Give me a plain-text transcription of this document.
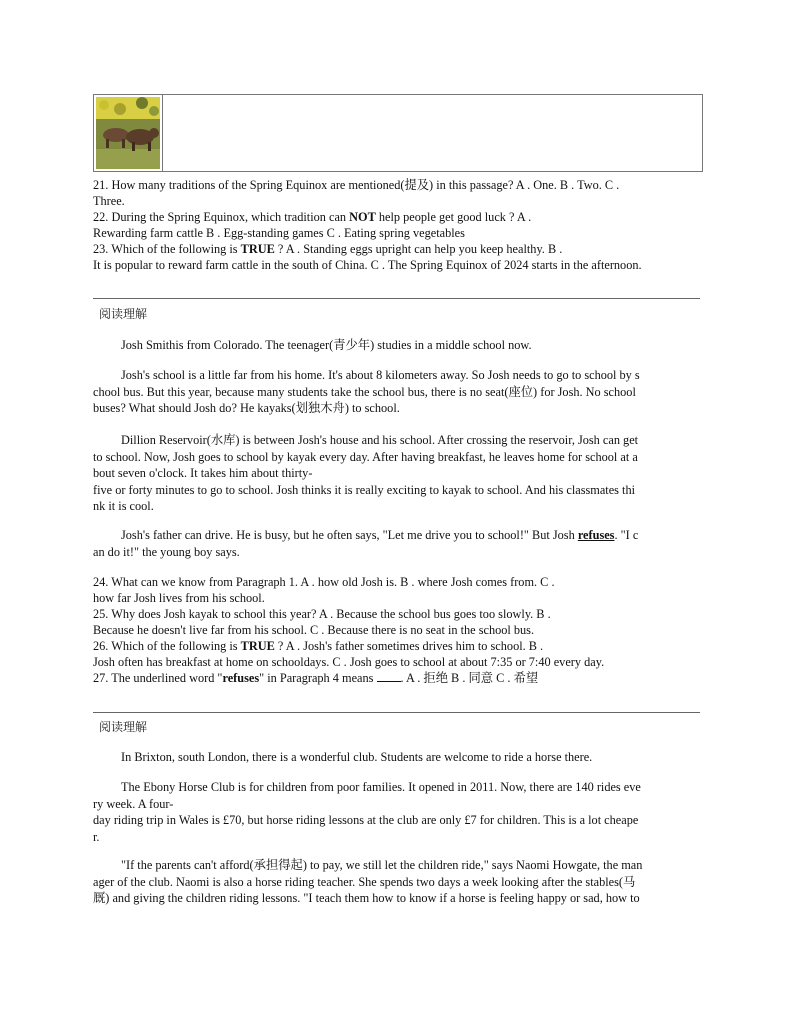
21. How many traditions of the Spring Equinox are mentioned(提及) in this passage? A . One. B . Two. C .
Three.
22. During the Spring Equinox, which tradition can NOT help people get good luck ? A .
Rewarding farm cattle B . Egg-standing games C . Eating spring vegetables
23. Which of the following is TRUE ? A . Standing eggs upright can help you keep healthy. B .
It is popular to reward farm cattle in the south of China. C . The Spring Equinox of 2024 starts in the afternoon.
阅读理解
Josh Smithis from Colorado. The teenager(青少年) studies in a middle school now.
Josh's school is a little far from his home. It's about 8 kilometers away. So Josh needs to go to school by s
chool bus. But this year, because many students take the school bus, there is no seat(座位) for Josh. No school
buses? What should Josh do? He kayaks(划独木舟) to school.
Dillion Reservoir(水库) is between Josh's house and his school. After crossing the reservoir, Josh can get
to school. Now, Josh goes to school by kayak every day. After having breakfast, he leaves home for school at a
bout seven o'clock. It takes him about thirty-
five or forty minutes to go to school. Josh thinks it is really exciting to kayak to school. And his classmates thi
nk it is cool.
Josh's father can drive. He is busy, but he often says, "Let me drive you to school!" But Josh refuses. "I c
an do it!" the young boy says.
24. What can we know from Paragraph 1. A . how old Josh is. B . where Josh comes from. C .
how far Josh lives from his school.
25. Why does Josh kayak to school this year? A . Because the school bus goes too slowly. B .
Because he doesn't live far from his school. C . Because there is no seat in the school bus.
26. Which of the following is TRUE ? A . Josh's father sometimes drives him to school. B .
Josh often has breakfast at home on schooldays. C . Josh goes to school at about 7:35 or 7:40 every day.
27. The underlined word "refuses" in Paragraph 4 means . A . 拒绝 B . 同意 C . 希望
阅读理解
In Brixton, south London, there is a wonderful club. Students are welcome to ride a horse there.
The Ebony Horse Club is for children from poor families. It opened in 2011. Now, there are 140 rides eve
ry week. A four-
day riding trip in Wales is £70, but horse riding lessons at the club are only £7 for children. This is a lot cheape
r.
"If the parents can't afford(承担得起) to pay, we still let the children ride," says Naomi Howgate, the man
ager of the club. Naomi is also a horse riding teacher. She spends two days a week looking after the stables(马
厩) and giving the children riding lessons. "I teach them how to know if a horse is feeling happy or sad, how to
